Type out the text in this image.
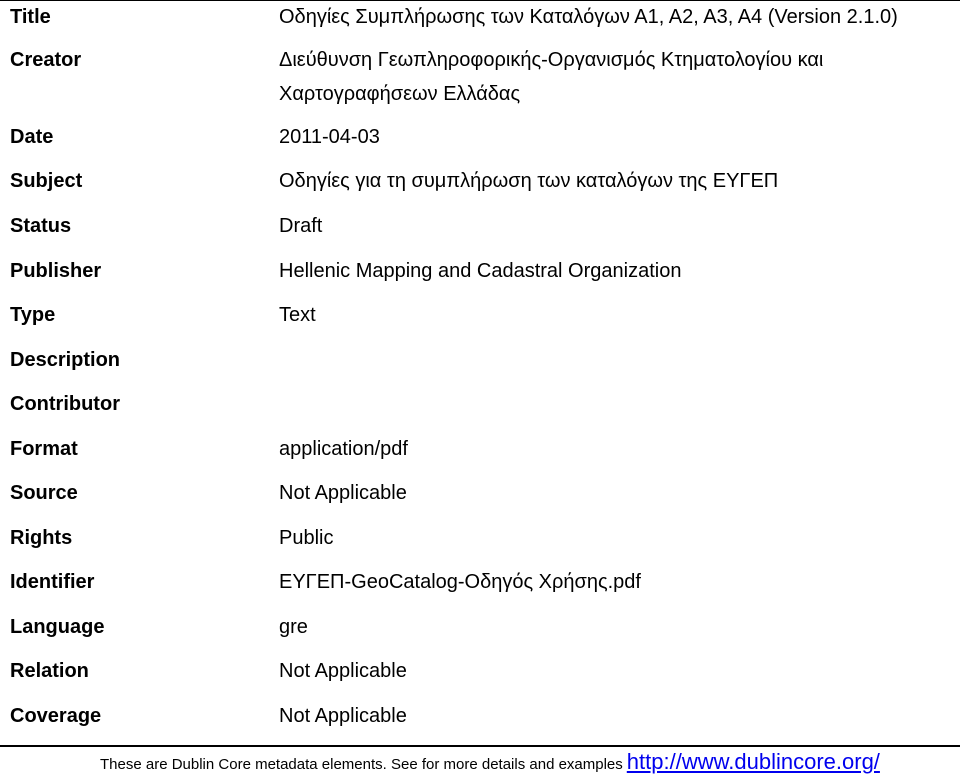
Title	Οδηγίες Συμπλήρωσης των Καταλόγων Α1, Α2, Α3, Α4 (Version 2.1.0)
Creator	Διεύθυνση Γεωπληροφορικής-Οργανισμός Κτηματολογίου και Χαρτογραφήσεων Ελλάδας
Date	2011-04-03
Subject	Οδηγίες για τη συμπλήρωση των καταλόγων της ΕΥΓΕΠ
Status	Draft
Publisher	Hellenic Mapping and Cadastral Organization
Type	Text
Description
Contributor
Format	application/pdf
Source	Not Applicable
Rights	Public
Identifier	ΕΥΓΕΠ-GeoCatalog-Οδηγός Χρήσης.pdf
Language	gre
Relation	Not Applicable
Coverage	Not Applicable
These are Dublin Core metadata elements. See for more details and examples http://www.dublincore.org/
